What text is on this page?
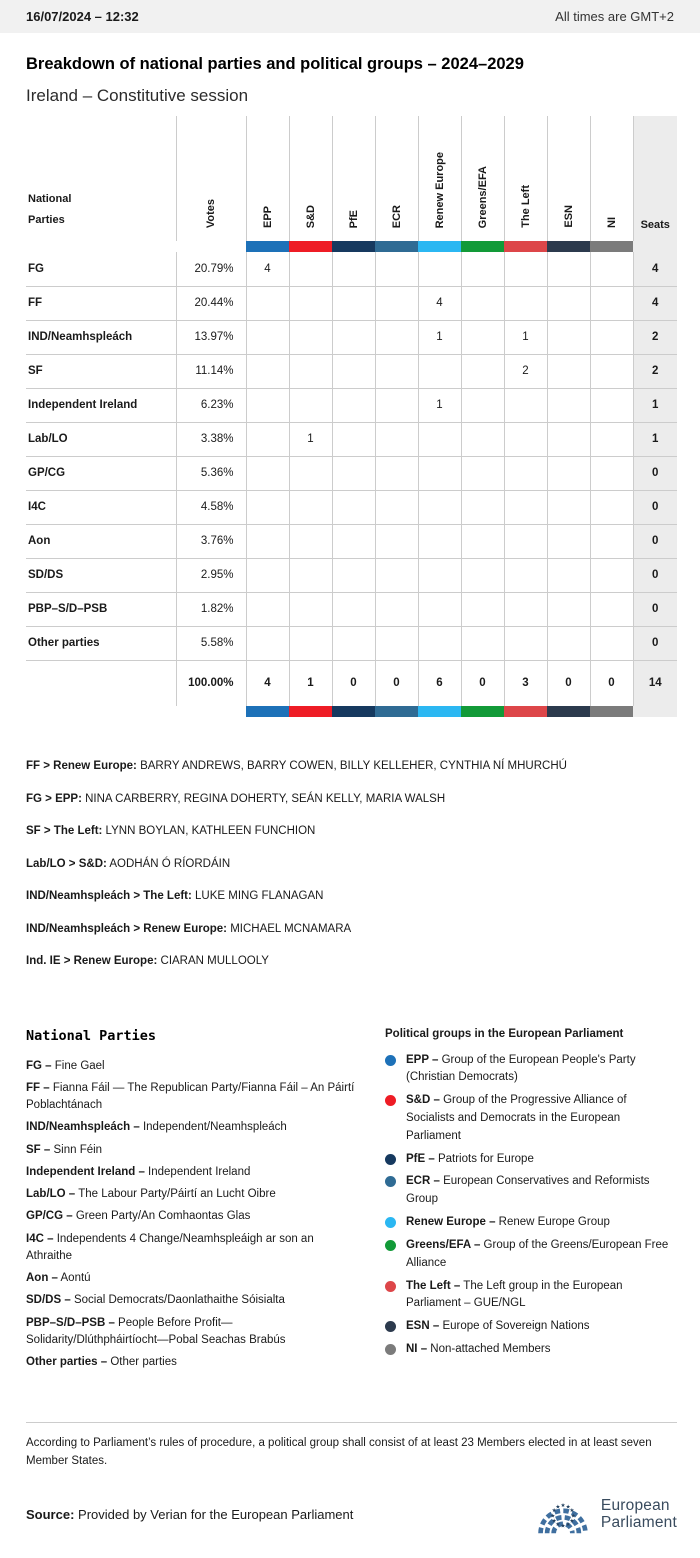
16/07/2024 – 12:32	All times are GMT+2
Breakdown of national parties and political groups – 2024–2029
Ireland – Constitutive session
National
Parties	Votes	EPP	S&D	PfE	ECR	Renew Europe	Greens/EFA	The Left	ESN	NI	Seats

FG	20.79%	4									4
FF	20.44%					4					4
IND/Neamhspleách	13.97%					1		1			2
SF	11.14%							2			2
Independent Ireland	6.23%					1					1
Lab/LO	3.38%		1								1
GP/CG	5.36%										0
I4C	4.58%										0
Aon	3.76%										0
SD/DS	2.95%										0
PBP–S/D–PSB	1.82%										0
Other parties	5.58%										0
	100.00%	4	1	0	0	6	0	3	0	0	14

FF > Renew Europe: BARRY ANDREWS, BARRY COWEN, BILLY KELLEHER, CYNTHIA NÍ MHURCHÚ

FG > EPP: NINA CARBERRY, REGINA DOHERTY, SEÁN KELLY, MARIA WALSH

SF > The Left: LYNN BOYLAN, KATHLEEN FUNCHION

Lab/LO > S&D: AODHÁN Ó RÍORDÁIN

IND/Neamhspleách > The Left: LUKE MING FLANAGAN

IND/Neamhspleách > Renew Europe: MICHAEL MCNAMARA

Ind. IE > Renew Europe: CIARAN MULLOOLY

National Parties

FG – Fine Gael

FF – Fianna Fáil — The Republican Party/Fianna Fáil – An Páirtí Poblachtánach

IND/Neamhspleách – Independent/Neamhspleách

SF – Sinn Féin

Independent Ireland – Independent Ireland

Lab/LO – The Labour Party/Páirtí an Lucht Oibre

GP/CG – Green Party/An Comhaontas Glas

I4C – Independents 4 Change/Neamhspleáigh ar son an Athraithe

Aon – Aontú

SD/DS – Social Democrats/Daonlathaithe Sóisialta

PBP–S/D–PSB – People Before Profit—Solidarity/Dlúthpháirtíocht—Pobal Seachas Brabús

Other parties – Other parties

Political groups in the European Parliament
EPP – Group of the European People's Party (Christian Democrats)
S&D – Group of the Progressive Alliance of Socialists and Democrats in the European Parliament
PfE – Patriots for Europe
ECR – European Conservatives and Reformists Group
Renew Europe – Renew Europe Group
Greens/EFA – Group of the Greens/European Free Alliance
The Left – The Left group in the European Parliament – GUE/NGL
ESN – Europe of Sovereign Nations
NI – Non-attached Members
According to Parliament’s rules of procedure, a political group shall consist of at least 23 Members elected in at least seven Member States.
Source: Provided by Verian for the European Parliament	★
★
★
★
★
★
★
★
★ ★ ★
★ European
Parliament
